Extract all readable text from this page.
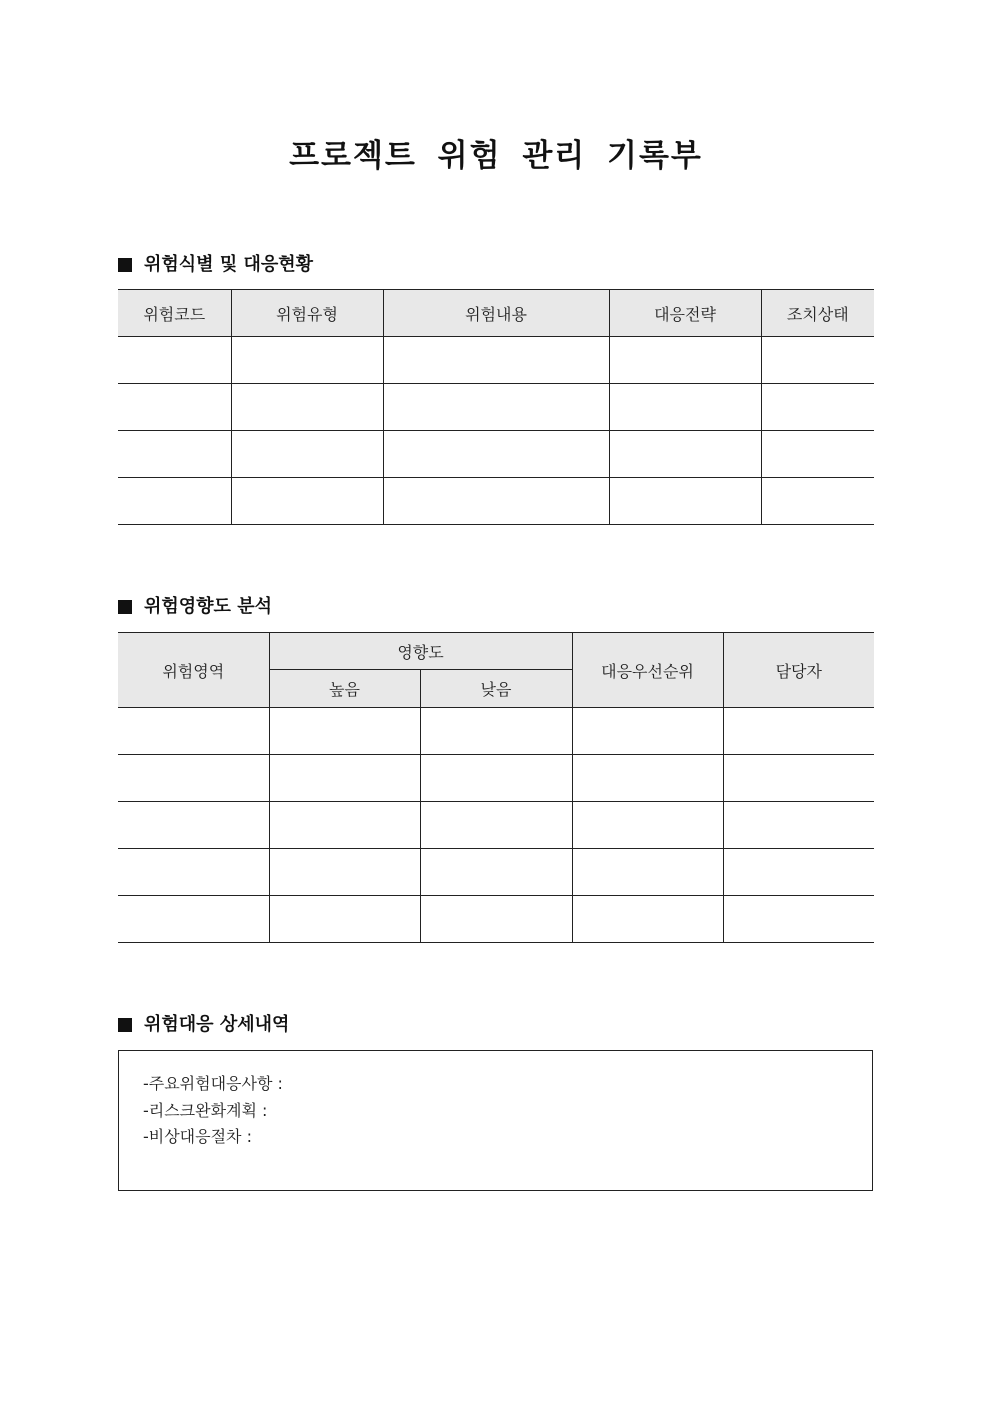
프로젝트 위험 관리 기록부
위험식별 및 대응현황
위험코드	위험유형	위험내용	대응전략	조치상태

위험영향도 분석
위험영역	영향도		대응우선순위	담당자
	높음	낮음		

위험대응 상세내역
-주요위험대응사항 :
-리스크완화계획 :
-비상대응절차 :
